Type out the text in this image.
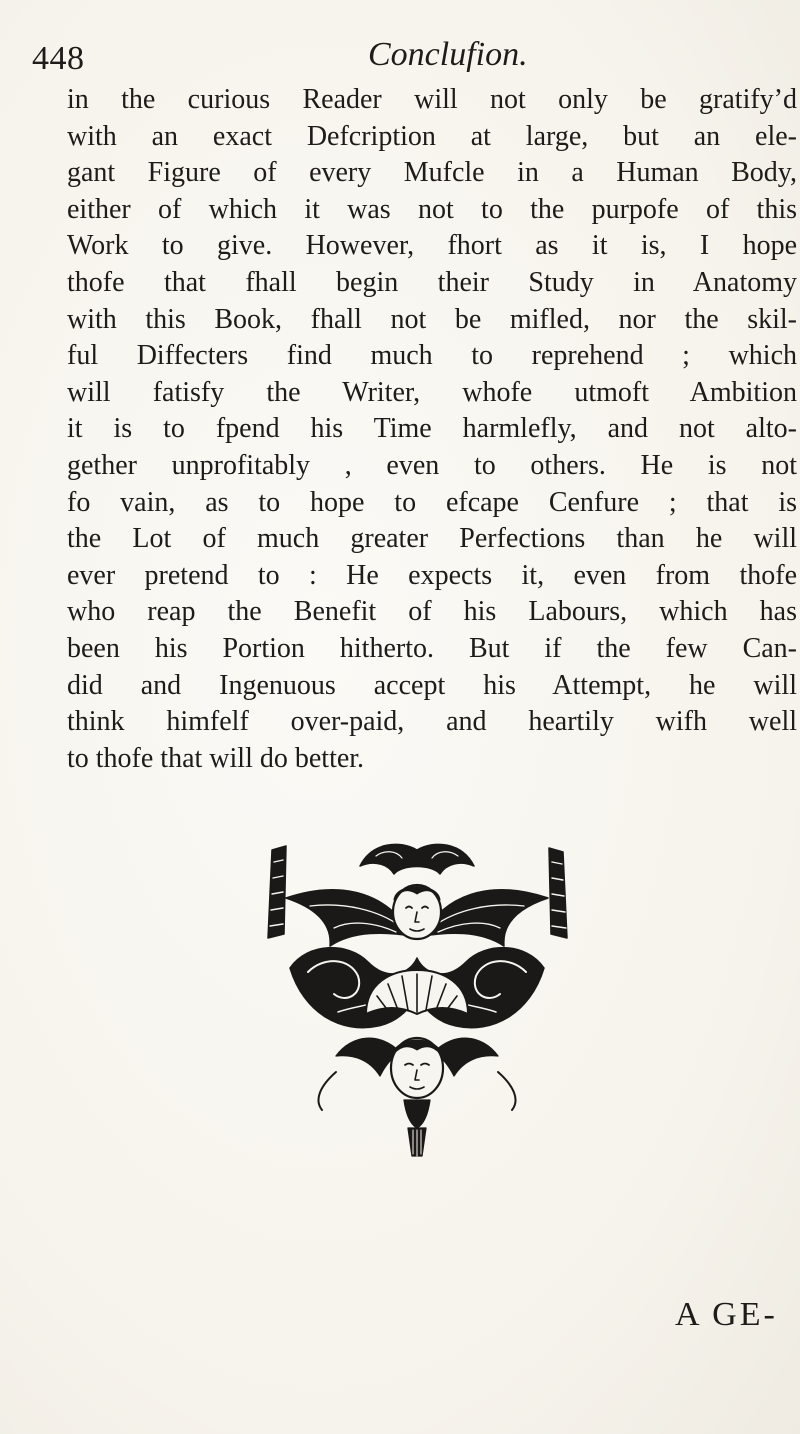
448	Conclufion.
in the curious Reader will not only be gratify’d
with an exact Defcription at large, but an ele-
gant Figure of every Mufcle in a Human Body,
either of which it was not to the purpofe of this
Work to give. However, fhort as it is, I hope
thofe that fhall begin their Study in Anatomy
with this Book, fhall not be mifled, nor the skil-
ful Diffecters find much to reprehend ; which
will fatisfy the Writer, whofe utmoft Ambition
it is to fpend his Time harmlefly, and not alto-
gether unprofitably , even to others. He is not
fo vain, as to hope to efcape Cenfure ; that is
the Lot of much greater Perfections than he will
ever pretend to : He expects it, even from thofe
who reap the Benefit of his Labours, which has
been his Portion hitherto. But if the few Can-
did and Ingenuous accept his Attempt, he will
think himfelf over-paid, and heartily wifh well
to thofe that will do better.
A GE-
